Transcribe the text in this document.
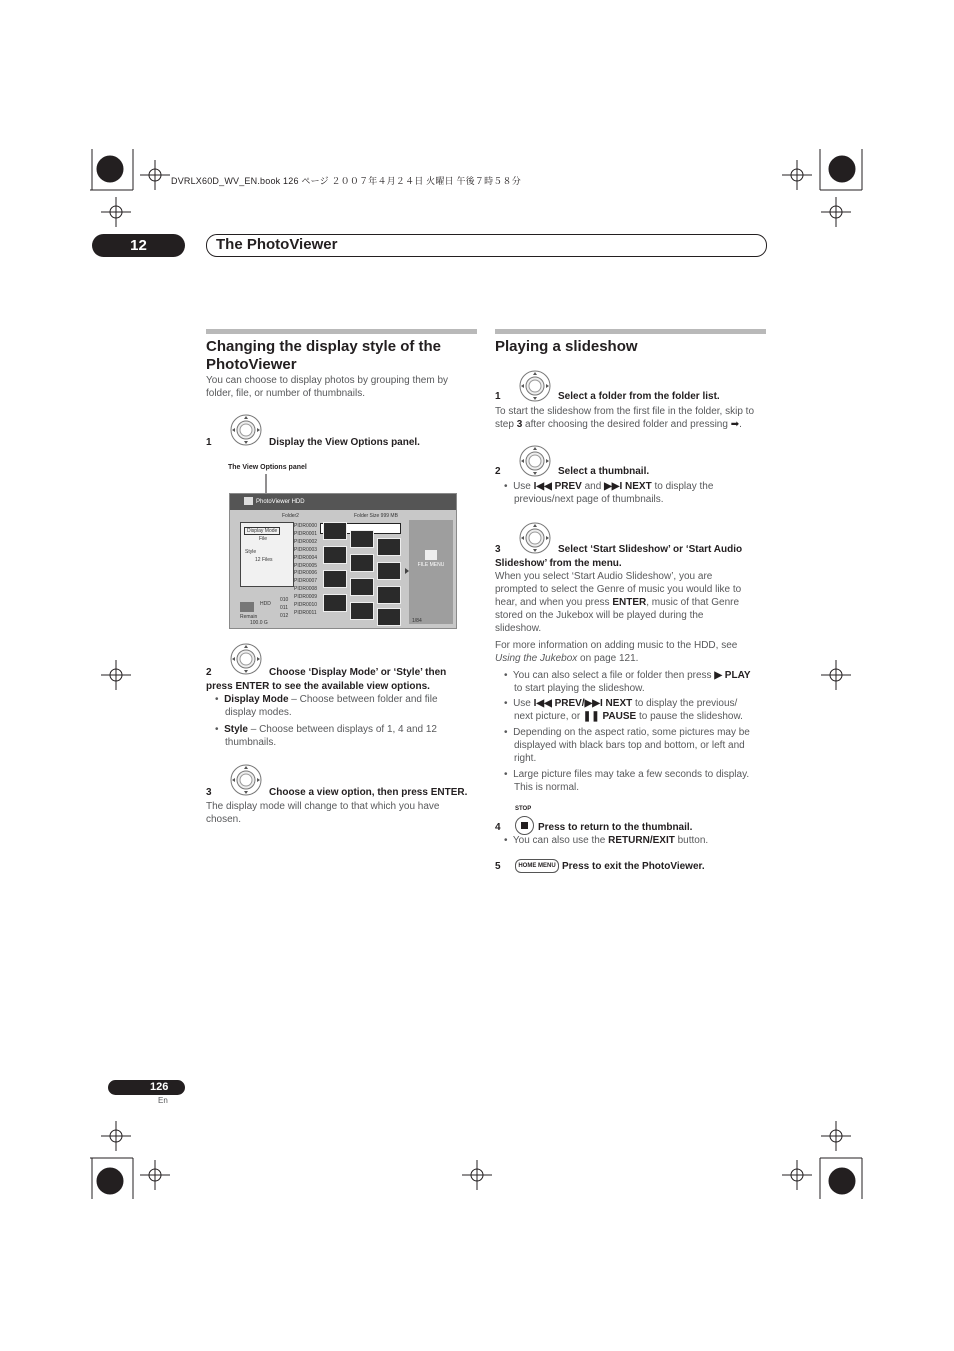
DVRLX60D_WV_EN.book 126 ページ ２００７年４月２４日 火曜日 午後７時５８分
12	The PhotoViewer
Changing the display style of the
PhotoViewer
You can choose to display photos by grouping them by
folder, file, or number of thumbnails.
1	Display the View Options panel.
The View Options panel
PhotoViewer HDD
Folder2	Folder Size 999 MB
Display Mode
File
Style
12 Files
PIDR0000
PIDR0001
PIDR0002
PIDR0003
PIDR0004
PIDR0005
PIDR0006
PIDR0007
PIDR0008
PIDR0009
PIDR0010
PIDR0011
010
011
012
FILE MENU
1/84
HDD
Remain
100.0 G
2	Choose ‘Display Mode’ or ‘Style’ then
press ENTER to see the available view options.
•  Display Mode – Choose between folder and file
display modes.
•  Style – Choose between displays of 1, 4 and 12
thumbnails.
3	Choose a view option, then press ENTER.
The display mode will change to that which you have
chosen.
Playing a slideshow
1	Select a folder from the folder list.
To start the slideshow from the first file in the folder, skip to
step 3 after choosing the desired folder and pressing ➡.
2	Select a thumbnail.
•  Use I◀◀ PREV and ▶▶I NEXT to display the
previous/next page of thumbnails.
3	Select ‘Start Slideshow’ or ‘Start Audio
Slideshow’ from the menu.
When you select ‘Start Audio Slideshow’, you are
prompted to select the Genre of music you would like to
hear, and when you press ENTER, music of that Genre
stored on the Jukebox will be played during the
slideshow.
For more information on adding music to the HDD, see
Using the Jukebox on page 121.
•  You can also select a file or folder then press ▶ PLAY
to start playing the slideshow.
•  Use I◀◀ PREV/▶▶I NEXT to display the previous/
next picture, or ❚❚ PAUSE to pause the slideshow.
•  Depending on the aspect ratio, some pictures may be
displayed with black bars top and bottom, or left and
right.
•  Large picture files may take a few seconds to display.
This is normal.
STOP
4	Press to return to the thumbnail.
•  You can also use the RETURN/EXIT button.
5	HOME MENU Press to exit the PhotoViewer.
126
En
